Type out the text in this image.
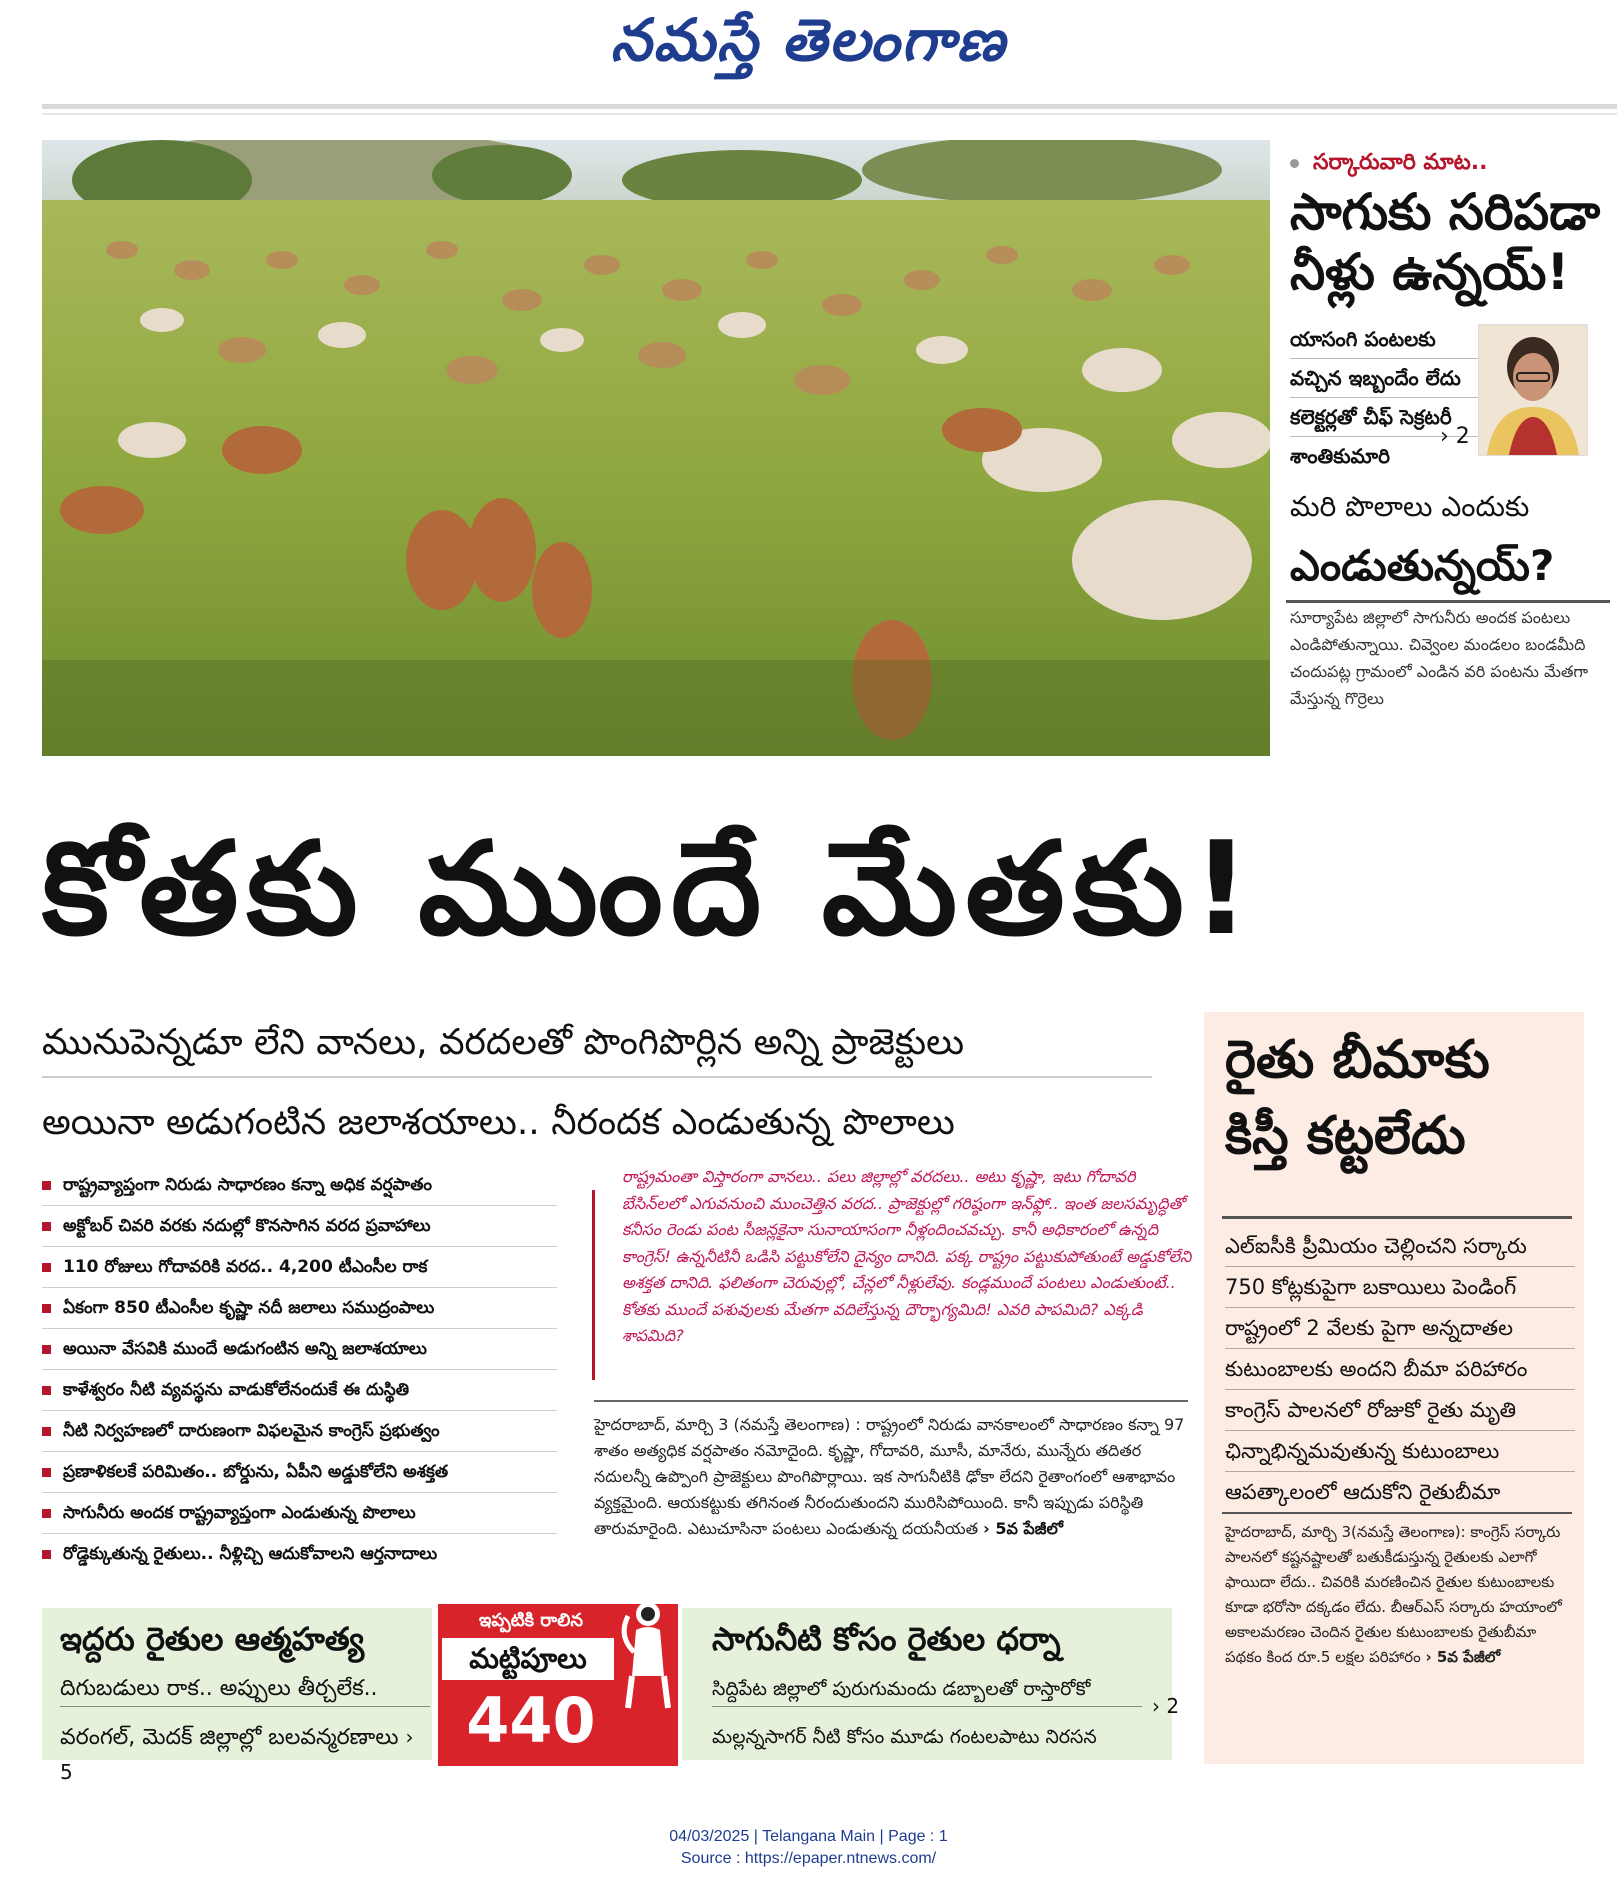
నమస్తే తెలంగాణ
సర్కారువారి మాట..
సాగుకు సరిపడా నీళ్లు ఉన్నయ్!
యాసంగి పంటలకు
వచ్చిన ఇబ్బందేం లేదు
కలెక్టర్లతో చీఫ్ సెక్రటరీ
శాంతికుమారి
› 2
మరి పొలాలు ఎందుకు
ఎండుతున్నయ్?
సూర్యాపేట జిల్లాలో సాగునీరు అందక పంటలు ఎండిపోతున్నాయి. చివ్వెంల మండలం బండమీది చందుపట్ల గ్రామంలో ఎండిన వరి పంటను మేతగా మేస్తున్న గొర్రెలు
కోతకు ముందే మేతకు!
మునుపెన్నడూ లేని వానలు, వరదలతో పొంగిపొర్లిన అన్ని ప్రాజెక్టులు
అయినా అడుగంటిన జలాశయాలు.. నీరందక ఎండుతున్న పొలాలు
రాష్ట్రవ్యాప్తంగా నిరుడు సాధారణం కన్నా అధిక వర్షపాతం
అక్టోబర్ చివరి వరకు నదుల్లో కొనసాగిన వరద ప్రవాహాలు
110 రోజులు గోదావరికి వరద.. 4,200 టీఎంసీల రాక
ఏకంగా 850 టీఎంసీల కృష్ణా నదీ జలాలు సముద్రంపాలు
అయినా వేసవికి ముందే అడుగంటిన అన్ని జలాశయాలు
కాళేశ్వరం నీటి వ్యవస్థను వాడుకోలేనందుకే ఈ దుస్థితి
నీటి నిర్వహణలో దారుణంగా విఫలమైన కాంగ్రెస్ ప్రభుత్వం
ప్రణాళికలకే పరిమితం.. బోర్డును, ఏపీని అడ్డుకోలేని అశక్తత
సాగునీరు అందక రాష్ట్రవ్యాప్తంగా ఎండుతున్న పొలాలు
రోడ్డెక్కుతున్న రైతులు.. నీళ్లిచ్చి ఆదుకోవాలని ఆర్తనాదాలు
రాష్ట్రమంతా విస్తారంగా వానలు.. పలు జిల్లాల్లో వరదలు.. అటు కృష్ణా, ఇటు గోదావరి బేసిన్‌లలో ఎగువనుంచి ముంచెత్తిన వరద.. ప్రాజెక్టుల్లో గరిష్ఠంగా ఇన్‌ఫ్లో.. ఇంత జలసమృద్ధితో కనీసం రెండు పంట సీజన్లకైనా సునాయాసంగా నీళ్లందించవచ్చు. కానీ అధికారంలో ఉన్నది కాంగ్రెస్! ఉన్ననీటినీ ఒడిసి పట్టుకోలేని దైన్యం దానిది. పక్క రాష్ట్రం పట్టుకుపోతుంటే అడ్డుకోలేని అశక్తత దానిది. ఫలితంగా చెరువుల్లో, చేన్లలో నీళ్లులేవు. కండ్లముందే పంటలు ఎండుతుంటే.. కోతకు ముందే పశువులకు మేతగా వదిలేస్తున్న దౌర్భాగ్యమిది! ఎవరి పాపమిది? ఎక్కడి శాపమిది?
హైదరాబాద్, మార్చి 3 (నమస్తే తెలంగాణ) : రాష్ట్రంలో నిరుడు వానకాలంలో సాధారణం కన్నా 97 శాతం అత్యధిక వర్షపాతం నమోదైంది. కృష్ణా, గోదావరి, మూసీ, మానేరు, మున్నేరు తదితర నదులన్నీ ఉప్పొంగి ప్రాజెక్టులు పొంగిపొర్లాయి. ఇక సాగునీటికి ఢోకా లేదని రైతాంగంలో ఆశాభావం వ్యక్తమైంది. ఆయకట్టుకు తగినంత నీరందుతుందని మురిసిపోయింది. కానీ ఇప్పుడు పరిస్థితి తారుమారైంది. ఎటుచూసినా పంటలు ఎండుతున్న దయనీయత › 5వ పేజీలో
రైతు బీమాకు
కిస్తీ కట్టలేదు
ఎల్ఐసీకి ప్రీమియం చెల్లించని సర్కారు
750 కోట్లకుపైగా బకాయిలు పెండింగ్
రాష్ట్రంలో 2 వేలకు పైగా అన్నదాతల
కుటుంబాలకు అందని బీమా పరిహారం
కాంగ్రెస్ పాలనలో రోజుకో రైతు మృతి
ఛిన్నాభిన్నమవుతున్న కుటుంబాలు
ఆపత్కాలంలో ఆదుకోని రైతుబీమా
హైదరాబాద్, మార్చి 3(నమస్తే తెలంగాణ): కాంగ్రెస్ సర్కారు పాలనలో కష్టనష్టాలతో బతుకీడుస్తున్న రైతులకు ఎలాగో ఫాయిదా లేదు.. చివరికి మరణించిన రైతుల కుటుంబాలకు కూడా భరోసా దక్కడం లేదు. బీఆర్ఎస్ సర్కారు హయాంలో అకాలమరణం చెందిన రైతుల కుటుంబాలకు రైతుబీమా పథకం కింద రూ.5 లక్షల పరిహారం › 5వ పేజీలో
ఇద్దరు రైతుల ఆత్మహత్య
దిగుబడులు రాక.. అప్పులు తీర్చలేక..
వరంగల్, మెదక్ జిల్లాల్లో బలవన్మరణాలు › 5
ఇప్పటికి రాలిన
మట్టిపూలు
440
సాగునీటి కోసం రైతుల ధర్నా
సిద్దిపేట జిల్లాలో పురుగుమందు డబ్బాలతో రాస్తారోకో
మల్లన్నసాగర్ నీటి కోసం మూడు గంటలపాటు నిరసన
› 2
04/03/2025 | Telangana Main | Page : 1
Source : https://epaper.ntnews.com/
